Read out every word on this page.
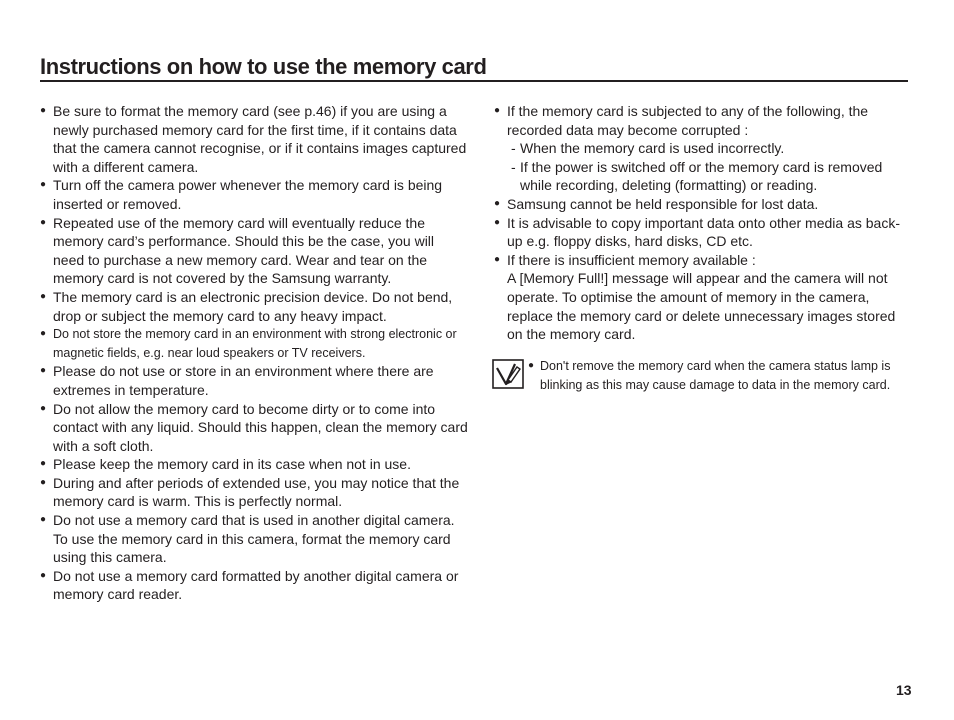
Instructions on how to use the memory card
● Be sure to format the memory card (see p.46) if you are using a newly purchased memory card for the first time, if it contains data that the camera cannot recognise, or if it contains images captured with a different camera.
● Turn off the camera power whenever the memory card is being inserted or removed.
● Repeated use of the memory card will eventually reduce the memory card’s performance. Should this be the case, you will need to purchase a new memory card. Wear and tear on the memory card is not covered by the Samsung warranty.
● The memory card is an electronic precision device. Do not bend, drop or subject the memory card to any heavy impact.
● Do not store the memory card in an environment with strong electronic or magnetic fields, e.g. near loud speakers or TV receivers.
● Please do not use or store in an environment where there are extremes in temperature.
● Do not allow the memory card to become dirty or to come into contact with any liquid. Should this happen, clean the memory card with a soft cloth.
● Please keep the memory card in its case when not in use.
● During and after periods of extended use, you may notice that the memory card is warm. This is perfectly normal.
● Do not use a memory card that is used in another digital camera. To use the memory card in this camera, format the memory card using this camera.
● Do not use a memory card formatted by another digital camera or memory card reader.
● If the memory card is subjected to any of the following, the recorded data may become corrupted :
- When the memory card is used incorrectly.
- If the power is switched off or the memory card is removed while recording, deleting (formatting) or reading.
● Samsung cannot be held responsible for lost data.
● It is advisable to copy important data onto other media as back-up e.g. floppy disks, hard disks, CD etc.
● If there is insufficient memory available :
A [Memory Full!] message will appear and the camera will not operate. To optimise the amount of memory in the camera, replace the memory card or delete unnecessary images stored on the memory card.
● Don't remove the memory card when the camera status lamp is blinking as this may cause damage to data in the memory card.
13
